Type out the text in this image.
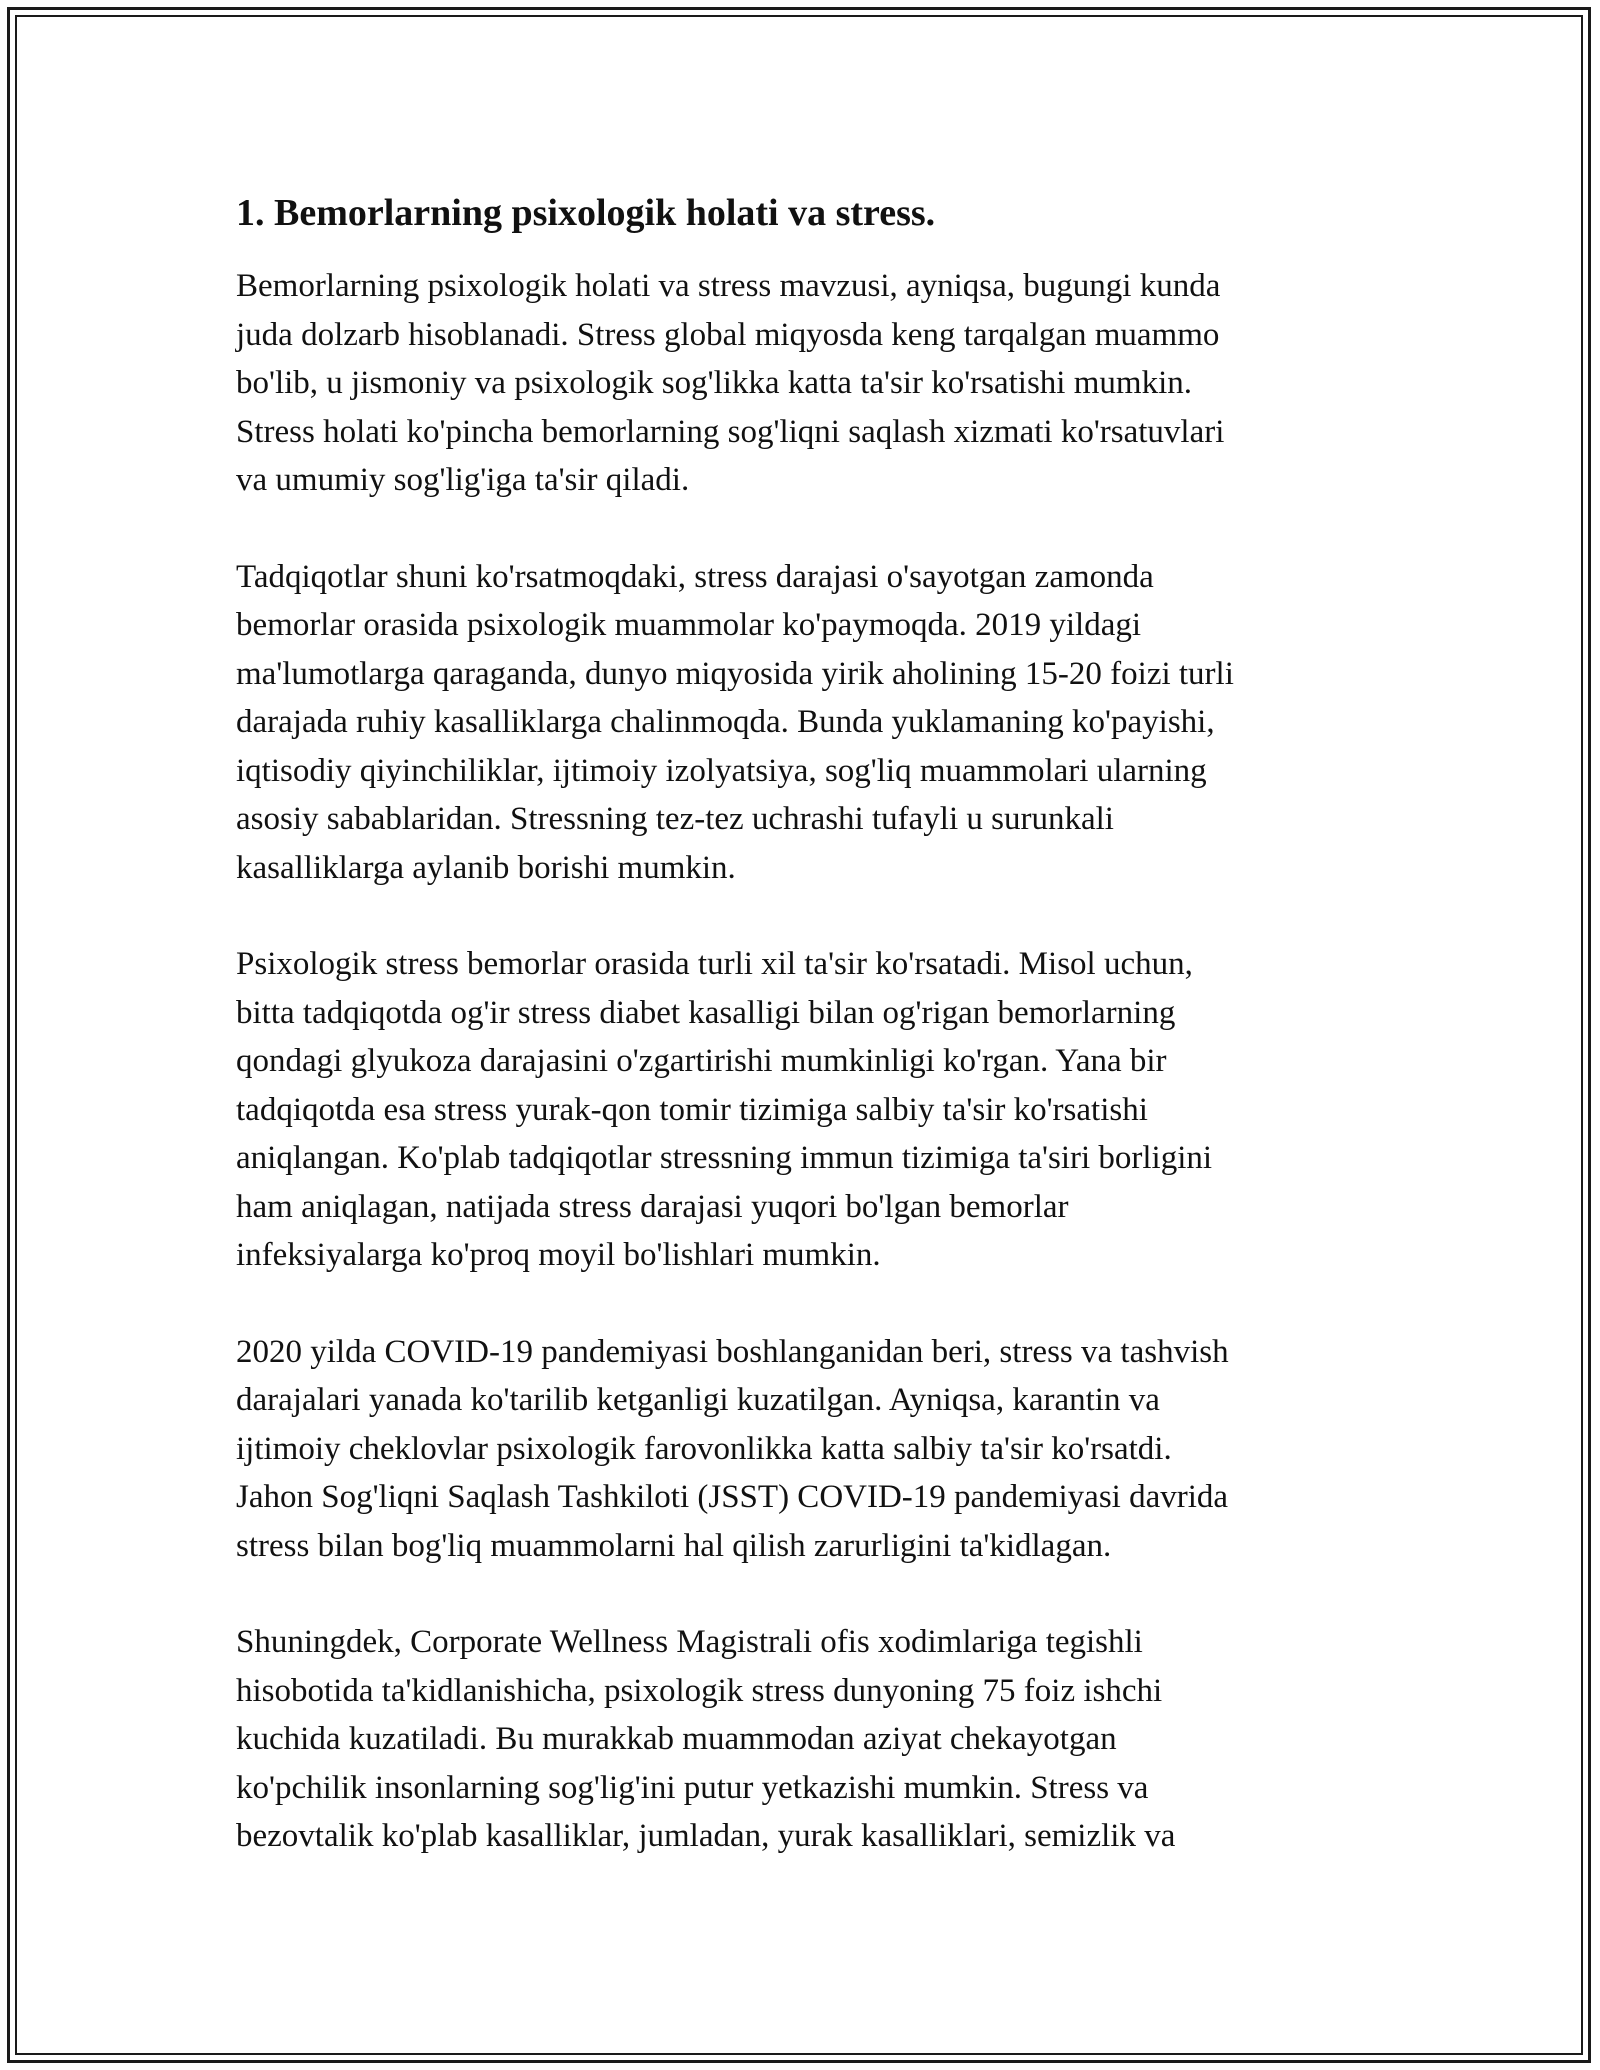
1. Bemorlarning psixologik holati va stress.
Bemorlarning psixologik holati va stress mavzusi, ayniqsa, bugungi kunda
juda dolzarb hisoblanadi. Stress global miqyosda keng tarqalgan muammo
bo'lib, u jismoniy va psixologik sog'likka katta ta'sir ko'rsatishi mumkin.
Stress holati ko'pincha bemorlarning sog'liqni saqlash xizmati ko'rsatuvlari
va umumiy sog'lig'iga ta'sir qiladi.
Tadqiqotlar shuni ko'rsatmoqdaki, stress darajasi o'sayotgan zamonda
bemorlar orasida psixologik muammolar ko'paymoqda. 2019 yildagi
ma'lumotlarga qaraganda, dunyo miqyosida yirik aholining 15-20 foizi turli
darajada ruhiy kasalliklarga chalinmoqda. Bunda yuklamaning ko'payishi,
iqtisodiy qiyinchiliklar, ijtimoiy izolyatsiya, sog'liq muammolari ularning
asosiy sabablaridan. Stressning tez-tez uchrashi tufayli u surunkali
kasalliklarga aylanib borishi mumkin.
Psixologik stress bemorlar orasida turli xil ta'sir ko'rsatadi. Misol uchun,
bitta tadqiqotda og'ir stress diabet kasalligi bilan og'rigan bemorlarning
qondagi glyukoza darajasini o'zgartirishi mumkinligi ko'rgan. Yana bir
tadqiqotda esa stress yurak-qon tomir tizimiga salbiy ta'sir ko'rsatishi
aniqlangan. Ko'plab tadqiqotlar stressning immun tizimiga ta'siri borligini
ham aniqlagan, natijada stress darajasi yuqori bo'lgan bemorlar
infeksiyalarga ko'proq moyil bo'lishlari mumkin.
2020 yilda COVID-19 pandemiyasi boshlanganidan beri, stress va tashvish
darajalari yanada ko'tarilib ketganligi kuzatilgan. Ayniqsa, karantin va
ijtimoiy cheklovlar psixologik farovonlikka katta salbiy ta'sir ko'rsatdi.
Jahon Sog'liqni Saqlash Tashkiloti (JSST) COVID-19 pandemiyasi davrida
stress bilan bog'liq muammolarni hal qilish zarurligini ta'kidlagan.
Shuningdek, Corporate Wellness Magistrali ofis xodimlariga tegishli
hisobotida ta'kidlanishicha, psixologik stress dunyoning 75 foiz ishchi
kuchida kuzatiladi. Bu murakkab muammodan aziyat chekayotgan
ko'pchilik insonlarning sog'lig'ini putur yetkazishi mumkin. Stress va
bezovtalik ko'plab kasalliklar, jumladan, yurak kasalliklari, semizlik va
